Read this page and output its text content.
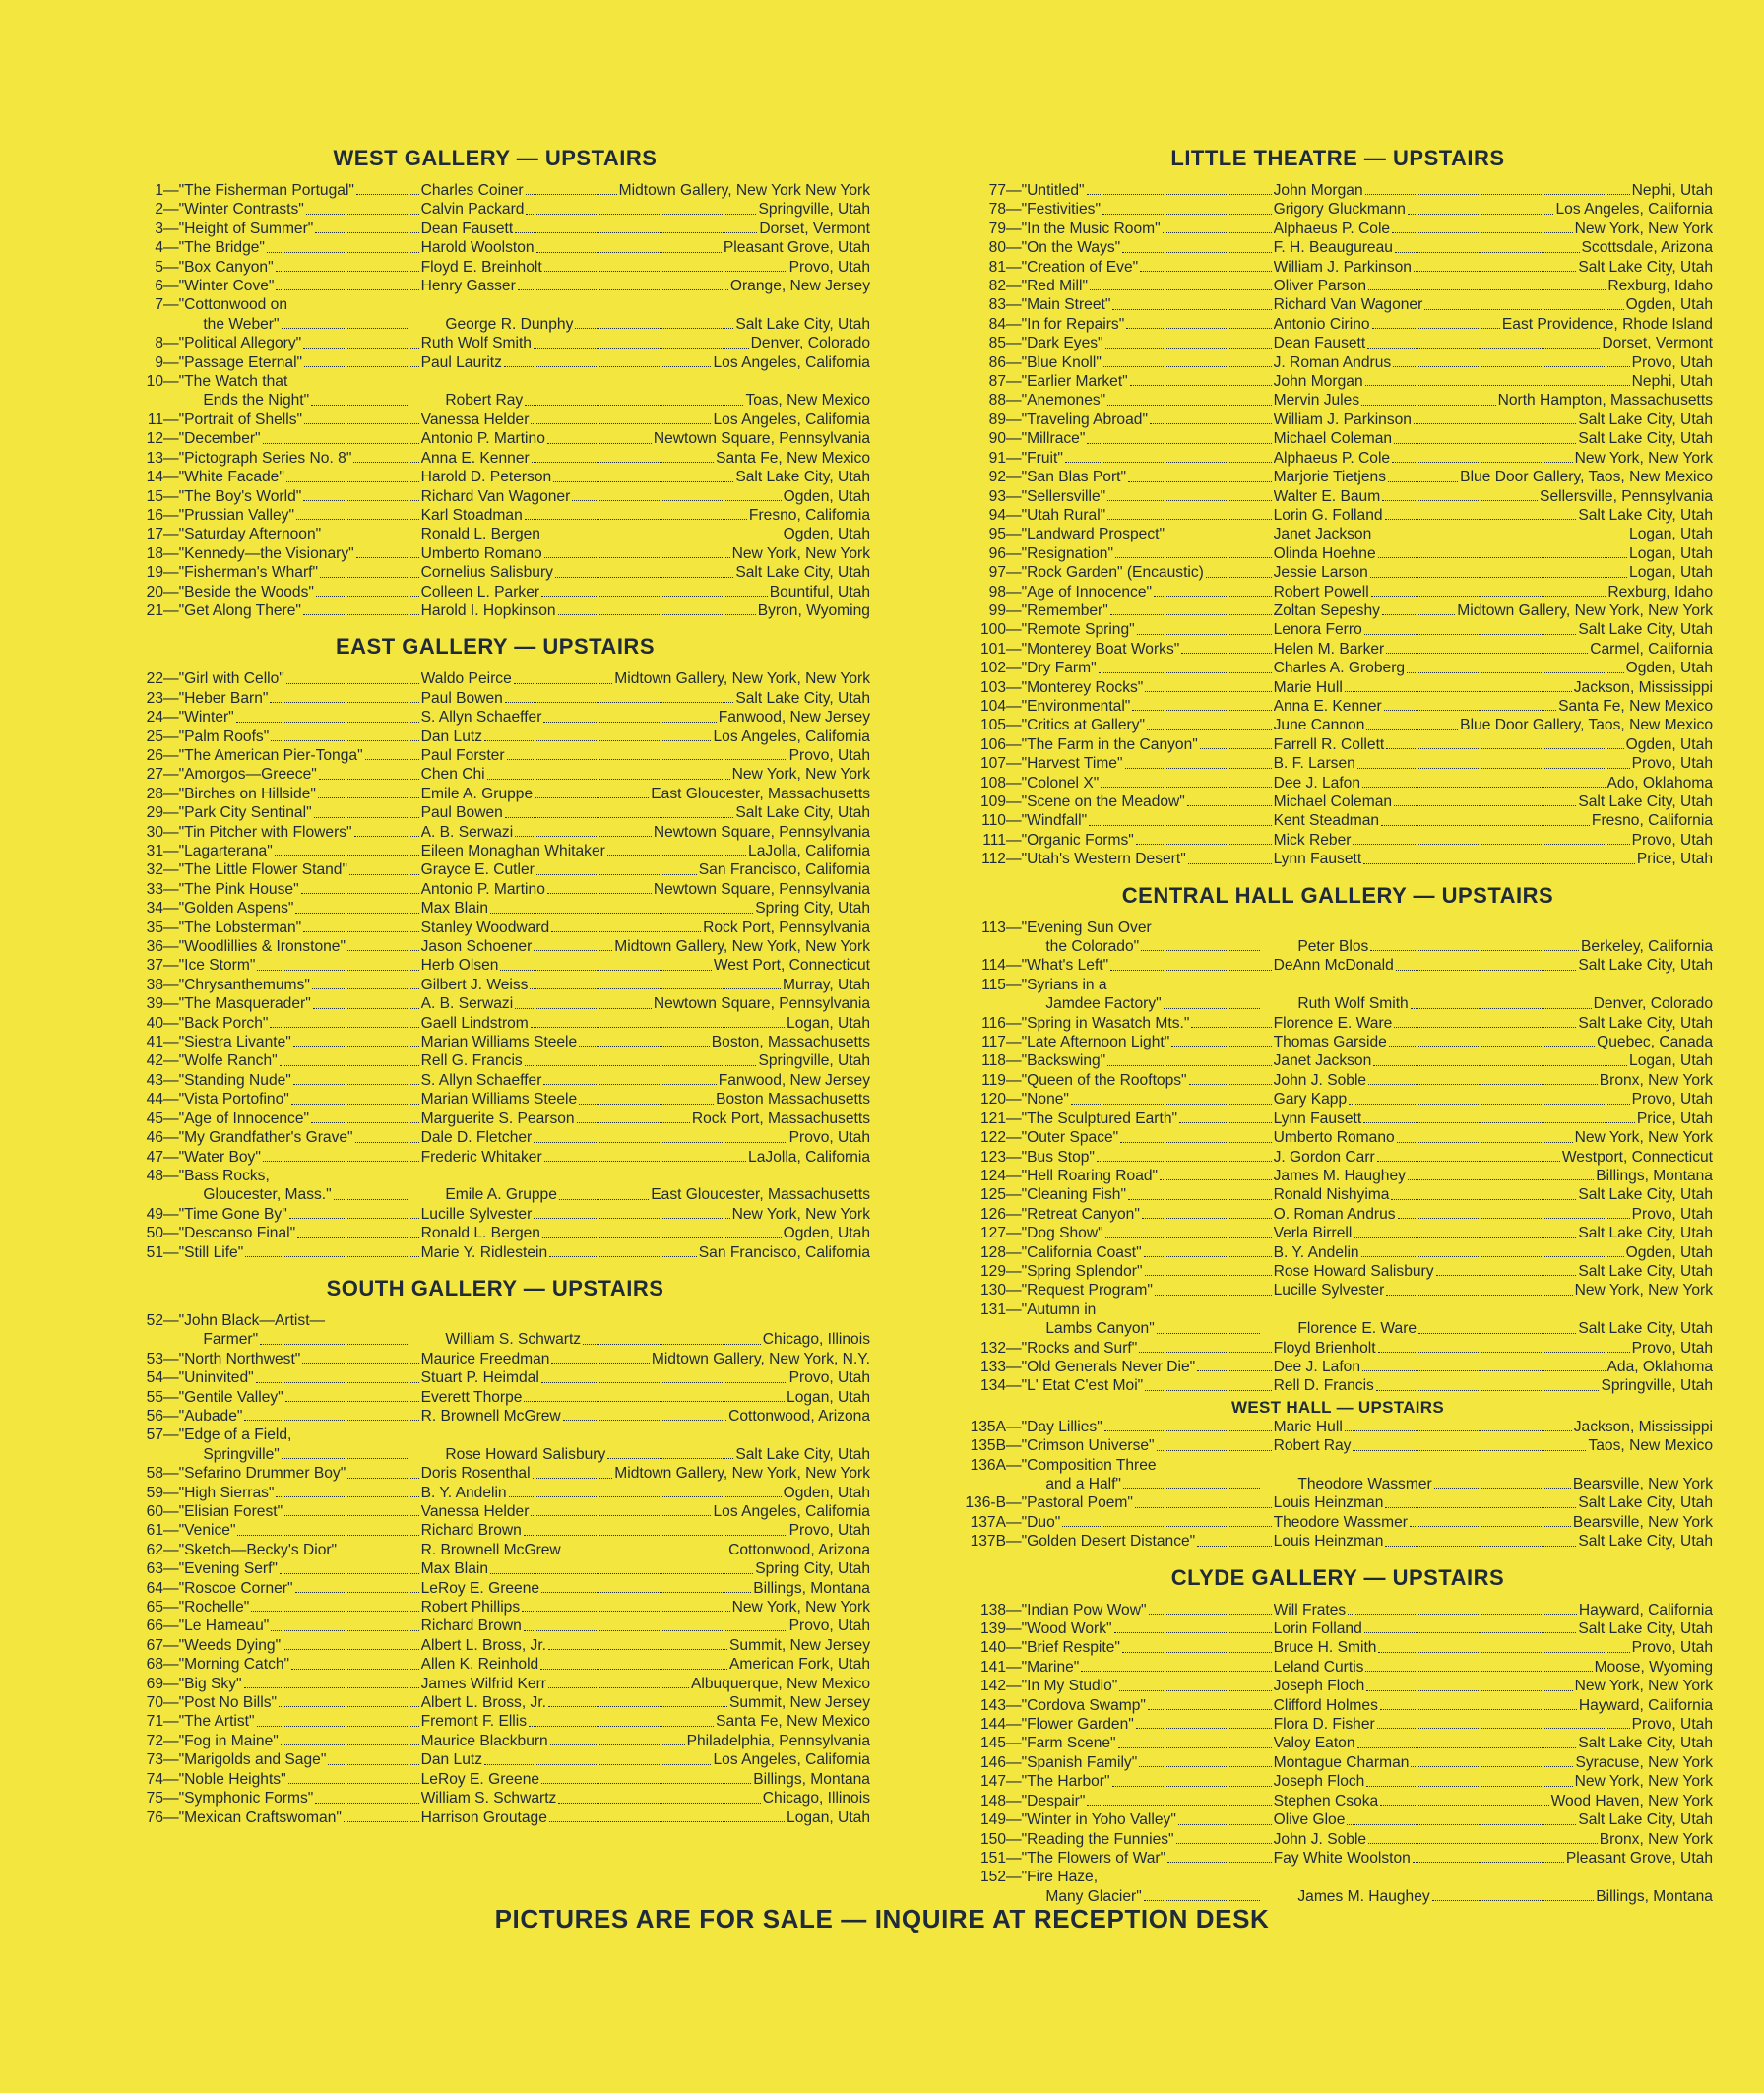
WEST GALLERY — UPSTAIRS
1 — "The Fisherman Portugal"	Charles Coiner	Midtown Gallery, New York New York
2 — "Winter Contrasts"	Calvin Packard	Springville, Utah
3 — "Height of Summer"	Dean Fausett	Dorset, Vermont
4 — "The Bridge"	Harold Woolston	Pleasant Grove, Utah
5 — "Box Canyon"	Floyd E. Breinholt	Provo, Utah
6 — "Winter Cove"	Henry Gasser	Orange, New Jersey
7 — "Cottonwood on

the Weber"	George R. Dunphy	Salt Lake City, Utah
8 — "Political Allegory"	Ruth Wolf Smith	Denver, Colorado
9 — "Passage Eternal"	Paul Lauritz	Los Angeles, California
10 — "The Watch that

Ends the Night"	Robert Ray	Toas, New Mexico
11 — "Portrait of Shells"	Vanessa Helder	Los Angeles, California
12 — "December"	Antonio P. Martino	Newtown Square, Pennsylvania
13 — "Pictograph Series No. 8"	Anna E. Kenner	Santa Fe, New Mexico
14 — "White Facade"	Harold D. Peterson	Salt Lake City, Utah
15 — "The Boy's World"	Richard Van Wagoner	Ogden, Utah
16 — "Prussian Valley"	Karl Stoadman	Fresno, California
17 — "Saturday Afternoon"	Ronald L. Bergen	Ogden, Utah
18 — "Kennedy—the Visionary"	Umberto Romano	New York, New York
19 — "Fisherman's Wharf"	Cornelius Salisbury	Salt Lake City, Utah
20 — "Beside the Woods"	Colleen L. Parker	Bountiful, Utah
21 — "Get Along There"	Harold I. Hopkinson	Byron, Wyoming
EAST GALLERY — UPSTAIRS
22 — "Girl with Cello"	Waldo Peirce	Midtown Gallery, New York, New York
23 — "Heber Barn"	Paul Bowen	Salt Lake City, Utah
24 — "Winter"	S. Allyn Schaeffer	Fanwood, New Jersey
25 — "Palm Roofs"	Dan Lutz	Los Angeles, California
26 — "The American Pier-Tonga"	Paul Forster	Provo, Utah
27 — "Amorgos—Greece"	Chen Chi	New York, New York
28 — "Birches on Hillside"	Emile A. Gruppe	East Gloucester, Massachusetts
29 — "Park City Sentinal"	Paul Bowen	Salt Lake City, Utah
30 — "Tin Pitcher with Flowers"	A. B. Serwazi	Newtown Square, Pennsylvania
31 — "Lagarterana"	Eileen Monaghan Whitaker	LaJolla, California
32 — "The Little Flower Stand"	Grayce E. Cutler	San Francisco, California
33 — "The Pink House"	Antonio P. Martino	Newtown Square, Pennsylvania
34 — "Golden Aspens"	Max Blain	Spring City, Utah
35 — "The Lobsterman"	Stanley Woodward	Rock Port, Pennsylvania
36 — "Woodlillies & Ironstone"	Jason Schoener	Midtown Gallery, New York, New York
37 — "Ice Storm"	Herb Olsen	West Port, Connecticut
38 — "Chrysanthemums"	Gilbert J. Weiss	Murray, Utah
39 — "The Masquerader"	A. B. Serwazi	Newtown Square, Pennsylvania
40 — "Back Porch"	Gaell Lindstrom	Logan, Utah
41 — "Siestra Livante"	Marian Williams Steele	Boston, Massachusetts
42 — "Wolfe Ranch"	Rell G. Francis	Springville, Utah
43 — "Standing Nude"	S. Allyn Schaeffer	Fanwood, New Jersey
44 — "Vista Portofino"	Marian Williams Steele	Boston Massachusetts
45 — "Age of Innocence"	Marguerite S. Pearson	Rock Port, Massachusetts
46 — "My Grandfather's Grave"	Dale D. Fletcher	Provo, Utah
47 — "Water Boy"	Frederic Whitaker	LaJolla, California
48 — "Bass Rocks,

Gloucester, Mass."	Emile A. Gruppe	East Gloucester, Massachusetts
49 — "Time Gone By"	Lucille Sylvester	New York, New York
50 — "Descanso Final"	Ronald L. Bergen	Ogden, Utah
51 — "Still Life"	Marie Y. Ridlestein	San Francisco, California
SOUTH GALLERY — UPSTAIRS
52 — "John Black—Artist—

Farmer"	William S. Schwartz	Chicago, Illinois
53 — "North Northwest"	Maurice Freedman	Midtown Gallery, New York, N.Y.
54 — "Uninvited"	Stuart P. Heimdal	Provo, Utah
55 — "Gentile Valley"	Everett Thorpe	Logan, Utah
56 — "Aubade"	R. Brownell McGrew	Cottonwood, Arizona
57 — "Edge of a Field,

Springville"	Rose Howard Salisbury	Salt Lake City, Utah
58 — "Sefarino Drummer Boy"	Doris Rosenthal	Midtown Gallery, New York, New York
59 — "High Sierras"	B. Y. Andelin	Ogden, Utah
60 — "Elisian Forest"	Vanessa Helder	Los Angeles, California
61 — "Venice"	Richard Brown	Provo, Utah
62 — "Sketch—Becky's Dior"	R. Brownell McGrew	Cottonwood, Arizona
63 — "Evening Serf"	Max Blain	Spring City, Utah
64 — "Roscoe Corner"	LeRoy E. Greene	Billings, Montana
65 — "Rochelle"	Robert Phillips	New York, New York
66 — "Le Hameau"	Richard Brown	Provo, Utah
67 — "Weeds Dying"	Albert L. Bross, Jr.	Summit, New Jersey
68 — "Morning Catch"	Allen K. Reinhold	American Fork, Utah
69 — "Big Sky"	James Wilfrid Kerr	Albuquerque, New Mexico
70 — "Post No Bills"	Albert L. Bross, Jr.	Summit, New Jersey
71 — "The Artist"	Fremont F. Ellis	Santa Fe, New Mexico
72 — "Fog in Maine"	Maurice Blackburn	Philadelphia, Pennsylvania
73 — "Marigolds and Sage"	Dan Lutz	Los Angeles, California
74 — "Noble Heights"	LeRoy E. Greene	Billings, Montana
75 — "Symphonic Forms"	William S. Schwartz	Chicago, Illinois
76 — "Mexican Craftswoman"	Harrison Groutage	Logan, Utah
LITTLE THEATRE — UPSTAIRS
77 — "Untitled"	John Morgan	Nephi, Utah
78 — "Festivities"	Grigory Gluckmann	Los Angeles, California
79 — "In the Music Room"	Alphaeus P. Cole	New York, New York
80 — "On the Ways"	F. H. Beaugureau	Scottsdale, Arizona
81 — "Creation of Eve"	William J. Parkinson	Salt Lake City, Utah
82 — "Red Mill"	Oliver Parson	Rexburg, Idaho
83 — "Main Street"	Richard Van Wagoner	Ogden, Utah
84 — "In for Repairs"	Antonio Cirino	East Providence, Rhode Island
85 — "Dark Eyes"	Dean Fausett	Dorset, Vermont
86 — "Blue Knoll"	J. Roman Andrus	Provo, Utah
87 — "Earlier Market"	John Morgan	Nephi, Utah
88 — "Anemones"	Mervin Jules	North Hampton, Massachusetts
89 — "Traveling Abroad"	William J. Parkinson	Salt Lake City, Utah
90 — "Millrace"	Michael Coleman	Salt Lake City, Utah
91 — "Fruit"	Alphaeus P. Cole	New York, New York
92 — "San Blas Port"	Marjorie Tietjens	Blue Door Gallery, Taos, New Mexico
93 — "Sellersville"	Walter E. Baum	Sellersville, Pennsylvania
94 — "Utah Rural"	Lorin G. Folland	Salt Lake City, Utah
95 — "Landward Prospect"	Janet Jackson	Logan, Utah
96 — "Resignation"	Olinda Hoehne	Logan, Utah
97 — "Rock Garden" (Encaustic)	Jessie Larson	Logan, Utah
98 — "Age of Innocence"	Robert Powell	Rexburg, Idaho
99 — "Remember"	Zoltan Sepeshy	Midtown Gallery, New York, New York
100 — "Remote Spring"	Lenora Ferro	Salt Lake City, Utah
101 — "Monterey Boat Works"	Helen M. Barker	Carmel, California
102 — "Dry Farm"	Charles A. Groberg	Ogden, Utah
103 — "Monterey Rocks"	Marie Hull	Jackson, Mississippi
104 — "Environmental"	Anna E. Kenner	Santa Fe, New Mexico
105 — "Critics at Gallery"	June Cannon	Blue Door Gallery, Taos, New Mexico
106 — "The Farm in the Canyon"	Farrell R. Collett	Ogden, Utah
107 — "Harvest Time"	B. F. Larsen	Provo, Utah
108 — "Colonel X"	Dee J. Lafon	Ado, Oklahoma
109 — "Scene on the Meadow"	Michael Coleman	Salt Lake City, Utah
110 — "Windfall"	Kent Steadman	Fresno, California
111 — "Organic Forms"	Mick Reber	Provo, Utah
112 — "Utah's Western Desert"	Lynn Fausett	Price, Utah
CENTRAL HALL GALLERY — UPSTAIRS
113 — "Evening Sun Over

the Colorado"	Peter Blos	Berkeley, California
114 — "What's Left"	DeAnn McDonald	Salt Lake City, Utah
115 — "Syrians in a

Jamdee Factory"	Ruth Wolf Smith	Denver, Colorado
116 — "Spring in Wasatch Mts."	Florence E. Ware	Salt Lake City, Utah
117 — "Late Afternoon Light"	Thomas Garside	Quebec, Canada
118 — "Backswing"	Janet Jackson	Logan, Utah
119 — "Queen of the Rooftops"	John J. Soble	Bronx, New York
120 — "None"	Gary Kapp	Provo, Utah
121 — "The Sculptured Earth"	Lynn Fausett	Price, Utah
122 — "Outer Space"	Umberto Romano	New York, New York
123 — "Bus Stop"	J. Gordon Carr	Westport, Connecticut
124 — "Hell Roaring Road"	James M. Haughey	Billings, Montana
125 — "Cleaning Fish"	Ronald Nishyima	Salt Lake City, Utah
126 — "Retreat Canyon"	O. Roman Andrus	Provo, Utah
127 — "Dog Show"	Verla Birrell	Salt Lake City, Utah
128 — "California Coast"	B. Y. Andelin	Ogden, Utah
129 — "Spring Splendor"	Rose Howard Salisbury	Salt Lake City, Utah
130 — "Request Program"	Lucille Sylvester	New York, New York
131 — "Autumn in

Lambs Canyon"	Florence E. Ware	Salt Lake City, Utah
132 — "Rocks and Surf"	Floyd Brienholt	Provo, Utah
133 — "Old Generals Never Die"	Dee J. Lafon	Ada, Oklahoma
134 — "L' Etat C'est Moi"	Rell D. Francis	Springville, Utah
WEST HALL — UPSTAIRS
135A — "Day Lillies"	Marie Hull	Jackson, Mississippi
135B — "Crimson Universe"	Robert Ray	Taos, New Mexico
136A — "Composition Three

and a Half"	Theodore Wassmer	Bearsville, New York
136-B — "Pastoral Poem"	Louis Heinzman	Salt Lake City, Utah
137A — "Duo"	Theodore Wassmer	Bearsville, New York
137B — "Golden Desert Distance"	Louis Heinzman	Salt Lake City, Utah
CLYDE GALLERY — UPSTAIRS
138 — "Indian Pow Wow"	Will Frates	Hayward, California
139 — "Wood Work"	Lorin Folland	Salt Lake City, Utah
140 — "Brief Respite"	Bruce H. Smith	Provo, Utah
141 — "Marine"	Leland Curtis	Moose, Wyoming
142 — "In My Studio"	Joseph Floch	New York, New York
143 — "Cordova Swamp"	Clifford Holmes	Hayward, California
144 — "Flower Garden"	Flora D. Fisher	Provo, Utah
145 — "Farm Scene"	Valoy Eaton	Salt Lake City, Utah
146 — "Spanish Family"	Montague Charman	Syracuse, New York
147 — "The Harbor"	Joseph Floch	New York, New York
148 — "Despair"	Stephen Csoka	Wood Haven, New York
149 — "Winter in Yoho Valley"	Olive Gloe	Salt Lake City, Utah
150 — "Reading the Funnies"	John J. Soble	Bronx, New York
151 — "The Flowers of War"	Fay White Woolston	Pleasant Grove, Utah
152 — "Fire Haze,

Many Glacier"	James M. Haughey	Billings, Montana
PICTURES ARE FOR SALE — INQUIRE AT RECEPTION DESK
